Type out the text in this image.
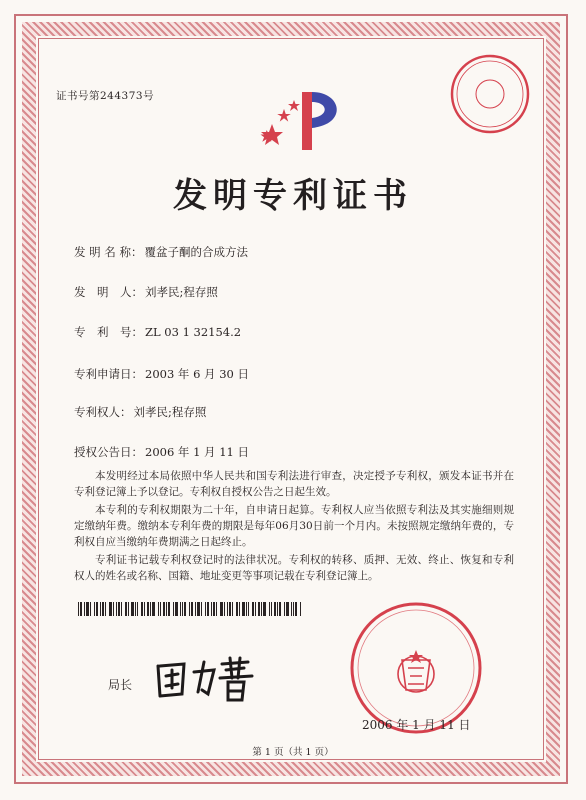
证书号第244373号
发明专利证书
发 明 名 称： 覆盆子酮的合成方法
发　明　人： 刘孝民;程存照
专　利　号： ZL 03 1 32154.2
专利申请日： 2003 年 6 月 30 日
专利权人： 刘孝民;程存照
授权公告日： 2006 年 1 月 11 日

本发明经过本局依照中华人民共和国专利法进行审查，决定授予专利权，颁发本证书并在专利登记簿上予以登记。专利权自授权公告之日起生效。

本专利的专利权期限为二十年，自申请日起算。专利权人应当依照专利法及其实施细则规定缴纳年费。缴纳本专利年费的期限是每年06月30日前一个月内。未按照规定缴纳年费的，专利权自应当缴纳年费期满之日起终止。

专利证书记载专利权登记时的法律状况。专利权的转移、质押、无效、终止、恢复和专利权人的姓名或名称、国籍、地址变更等事项记载在专利登记簿上。

局长
2006 年 1 月 11 日
第 1 页（共 1 页）
